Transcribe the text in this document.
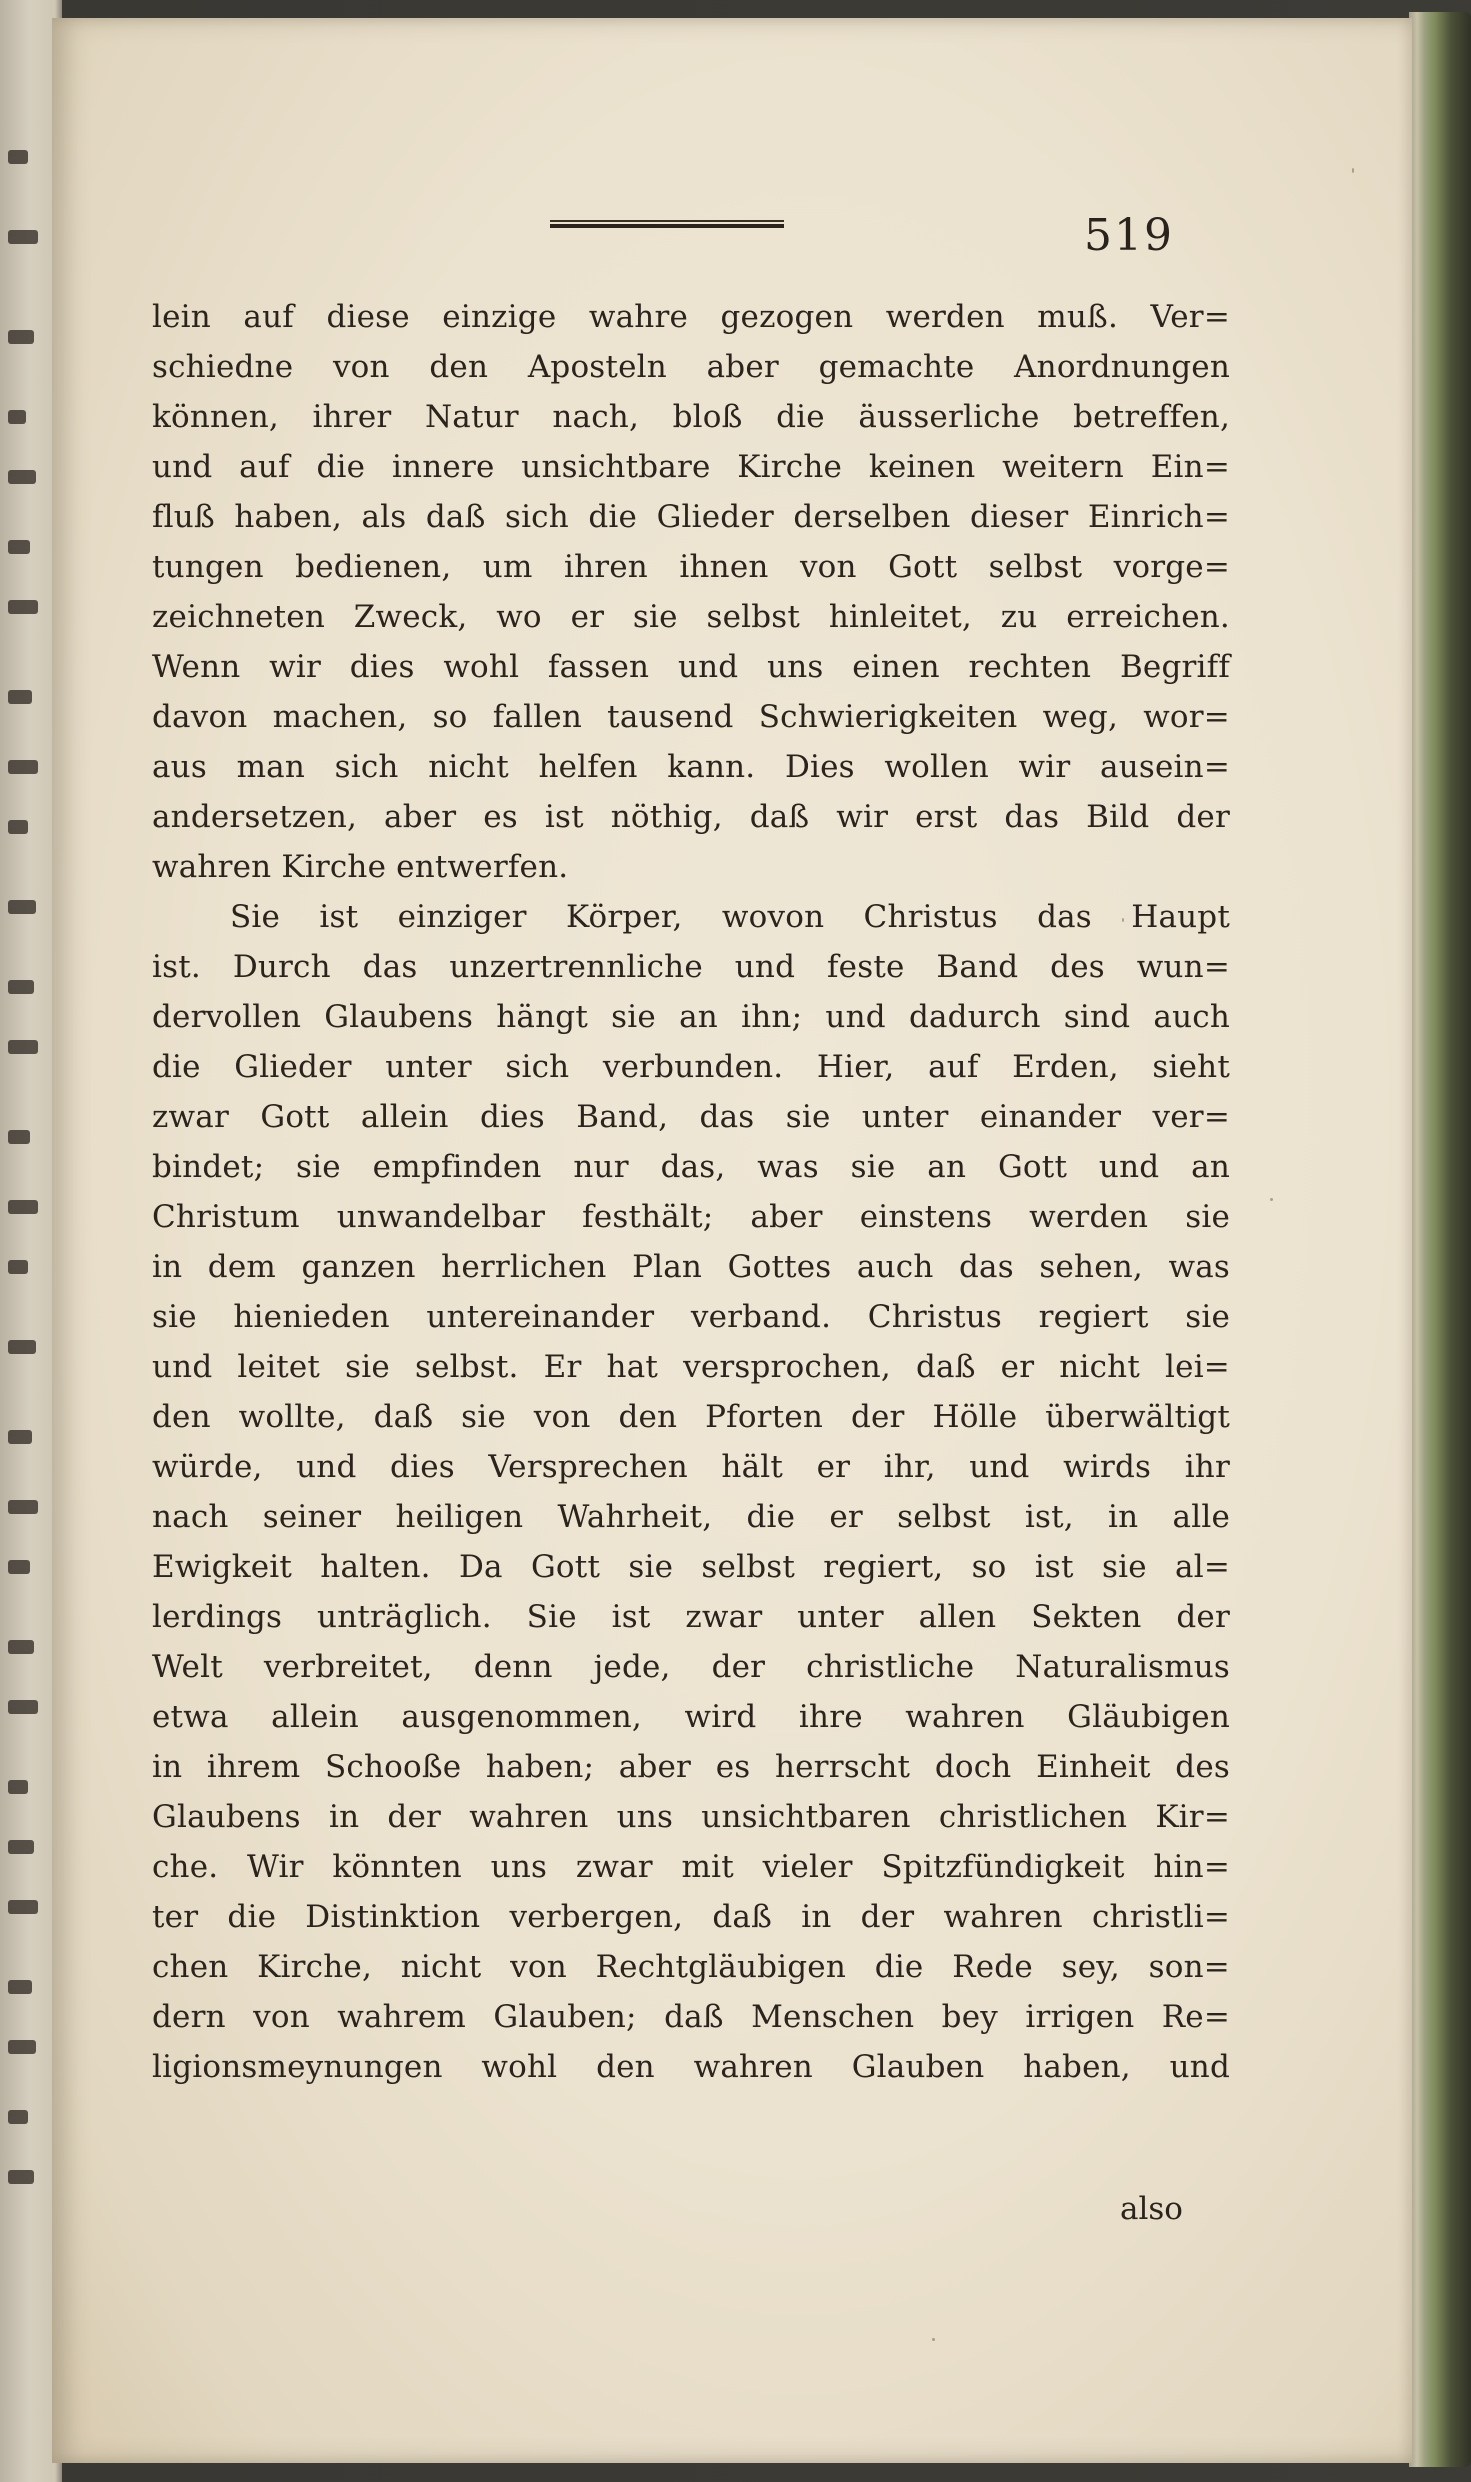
519
lein auf diese einzige wahre gezogen werden muß. Ver=
schiedne von den Aposteln aber gemachte Anordnungen
können, ihrer Natur nach, bloß die äusserliche betreffen,
und auf die innere unsichtbare Kirche keinen weitern Ein=
fluß haben, als daß sich die Glieder derselben dieser Einrich=
tungen bedienen, um ihren ihnen von Gott selbst vorge=
zeichneten Zweck, wo er sie selbst hinleitet, zu erreichen.
Wenn wir dies wohl fassen und uns einen rechten Begriff
davon machen, so fallen tausend Schwierigkeiten weg, wor=
aus man sich nicht helfen kann. Dies wollen wir ausein=
andersetzen, aber es ist nöthig, daß wir erst das Bild der
wahren Kirche entwerfen.
Sie ist einziger Körper, wovon Christus das Haupt
ist. Durch das unzertrennliche und feste Band des wun=
dervollen Glaubens hängt sie an ihn; und dadurch sind auch
die Glieder unter sich verbunden. Hier, auf Erden, sieht
zwar Gott allein dies Band, das sie unter einander ver=
bindet; sie empfinden nur das, was sie an Gott und an
Christum unwandelbar festhält; aber einstens werden sie
in dem ganzen herrlichen Plan Gottes auch das sehen, was
sie hienieden untereinander verband. Christus regiert sie
und leitet sie selbst. Er hat versprochen, daß er nicht lei=
den wollte, daß sie von den Pforten der Hölle überwältigt
würde, und dies Versprechen hält er ihr, und wirds ihr
nach seiner heiligen Wahrheit, die er selbst ist, in alle
Ewigkeit halten. Da Gott sie selbst regiert, so ist sie al=
lerdings unträglich. Sie ist zwar unter allen Sekten der
Welt verbreitet, denn jede, der christliche Naturalismus
etwa allein ausgenommen, wird ihre wahren Gläubigen
in ihrem Schooße haben; aber es herrscht doch Einheit des
Glaubens in der wahren uns unsichtbaren christlichen Kir=
che. Wir könnten uns zwar mit vieler Spitzfündigkeit hin=
ter die Distinktion verbergen, daß in der wahren christli=
chen Kirche, nicht von Rechtgläubigen die Rede sey, son=
dern von wahrem Glauben; daß Menschen bey irrigen Re=
ligionsmeynungen wohl den wahren Glauben haben, und
also
